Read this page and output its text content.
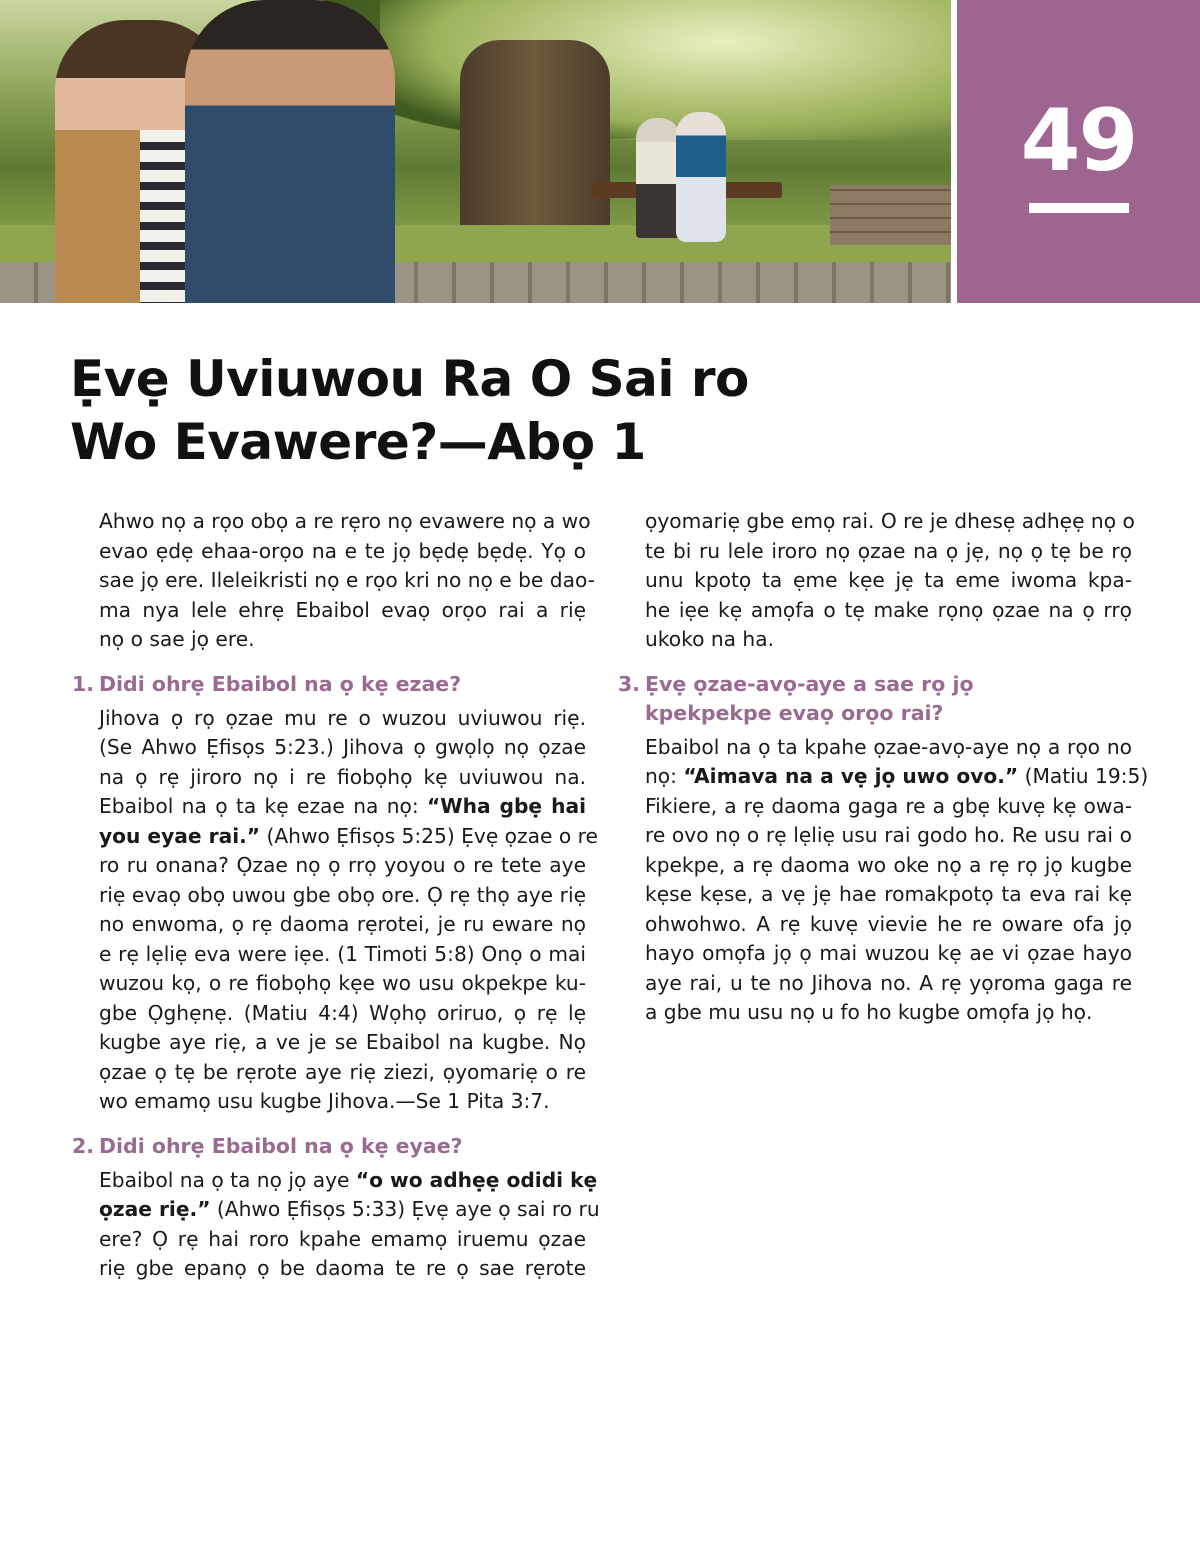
49
Ẹvẹ Uviuwou Ra O Sai ro
Wo Evawere?—Abọ 1
Ahwo nọ a rọo obọ a re rẹro nọ evawere nọ a wo
evao ẹdẹ ehaa-orọo na e te jọ bẹdẹ bẹdẹ. Yọ o
sae jọ ere. Ileleikristi nọ e rọo kri no nọ e be dao-
ma nya lele ehrẹ Ebaibol evaọ orọo rai a riẹ
nọ o sae jọ ere.
1. Didi ohrẹ Ebaibol na ọ kẹ ezae?
Jihova ọ rọ ọzae mu re o wuzou uviuwou riẹ.
(Se Ahwo Ẹfisọs 5:23.) Jihova ọ gwọlọ nọ ọzae
na ọ rẹ jiroro nọ i re fiobọhọ kẹ uviuwou na.
Ebaibol na ọ ta kẹ ezae na nọ: “Wha gbẹ hai
you eyae rai.” (Ahwo Ẹfisọs 5:25) Ẹvẹ ọzae o re
ro ru onana? Ọzae nọ ọ rrọ yoyou o re tete aye
riẹ evaọ obọ uwou gbe obọ ore. Ọ rẹ thọ aye riẹ
no enwoma, ọ rẹ daoma rẹrotei, je ru eware nọ
e rẹ lẹliẹ eva were iẹe. (1 Timoti 5:8) Onọ o mai
wuzou kọ, o re fiobọhọ kẹe wo usu okpekpe ku-
gbe Ọghẹnẹ. (Matiu 4:4) Wọhọ oriruo, ọ rẹ lẹ
kugbe aye riẹ, a ve je se Ebaibol na kugbe. Nọ
ọzae ọ tẹ be rẹrote aye riẹ ziezi, ọyomariẹ o re
wo emamọ usu kugbe Jihova.—Se 1 Pita 3:7.
2. Didi ohrẹ Ebaibol na ọ kẹ eyae?
Ebaibol na ọ ta nọ jọ aye “o wo adhẹẹ odidi kẹ
ọzae riẹ.” (Ahwo Ẹfisọs 5:33) Ẹvẹ aye ọ sai ro ru
ere? Ọ rẹ hai roro kpahe emamọ iruemu ọzae
riẹ gbe epanọ ọ be daoma te re ọ sae rẹrote
ọyomariẹ gbe emọ rai. O re je dhesẹ adhẹẹ nọ o
te bi ru lele iroro nọ ọzae na ọ jẹ, nọ ọ tẹ be rọ
unu kpotọ ta ẹme kẹe jẹ ta eme iwoma kpa-
he iẹe kẹ amọfa o tẹ make rọnọ ọzae na ọ rrọ
ukoko na ha.
3. Ẹvẹ ọzae-avọ-aye a sae rọ jọ
kpekpekpe evaọ orọo rai?
Ebaibol na ọ ta kpahe ọzae-avọ-aye nọ a rọo no
nọ: “Aimava na a vẹ jọ uwo ovo.” (Matiu 19:5)
Fikiere, a rẹ daoma gaga re a gbẹ kuvẹ kẹ owa-
re ovo nọ o rẹ lẹliẹ usu rai godo ho. Re usu rai o
kpekpe, a rẹ daoma wo oke nọ a rẹ rọ jọ kugbe
kẹse kẹse, a vẹ jẹ hae romakpotọ ta eva rai kẹ
ohwohwo. A rẹ kuvẹ vievie he re oware ofa jọ
hayo omọfa jọ ọ mai wuzou kẹ ae vi ọzae hayo
aye rai, u te no Jihova no. A rẹ yọroma gaga re
a gbe mu usu nọ u fo ho kugbe omọfa jọ họ.
